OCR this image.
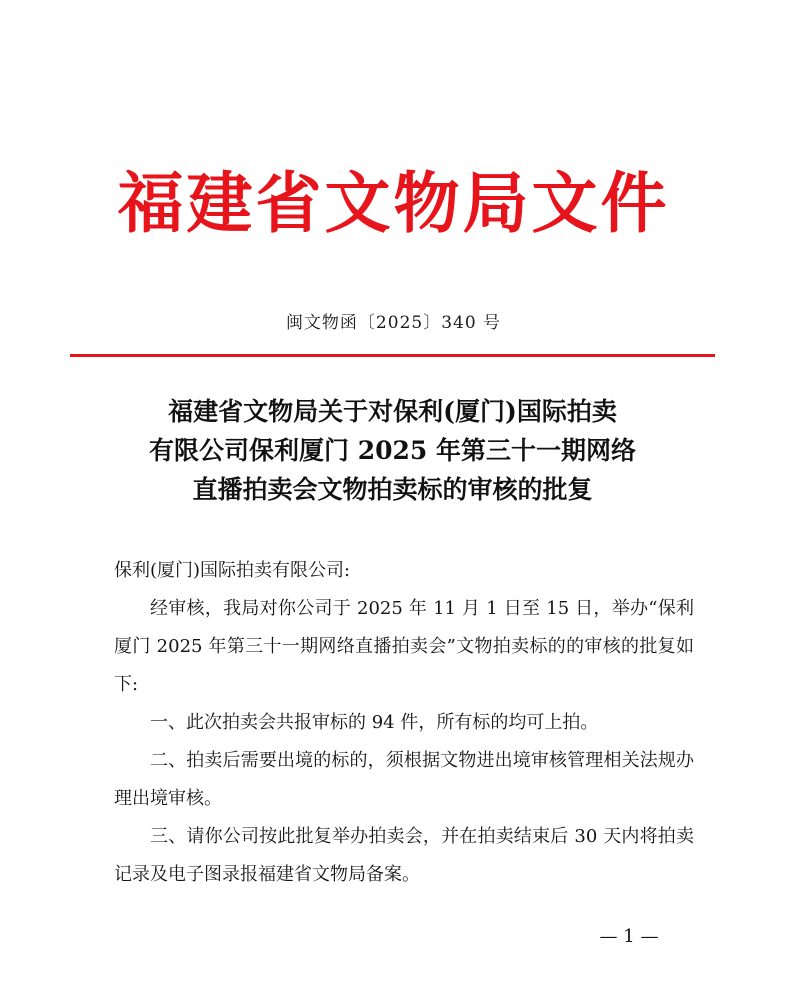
福建省文物局文件
闽文物函〔2025〕340 号
福建省文物局关于对保利(厦门)国际拍卖
有限公司保利厦门 2025 年第三十一期网络
直播拍卖会文物拍卖标的审核的批复

保利(厦门)国际拍卖有限公司:

经审核，我局对你公司于 2025 年 11 月 1 日至 15 日，举办“保利厦门 2025 年第三十一期网络直播拍卖会”文物拍卖标的的审核的批复如下:

一、此次拍卖会共报审标的 94 件，所有标的均可上拍。

二、拍卖后需要出境的标的，须根据文物进出境审核管理相关法规办理出境审核。

三、请你公司按此批复举办拍卖会，并在拍卖结束后 30 天内将拍卖记录及电子图录报福建省文物局备案。

— 1 —
